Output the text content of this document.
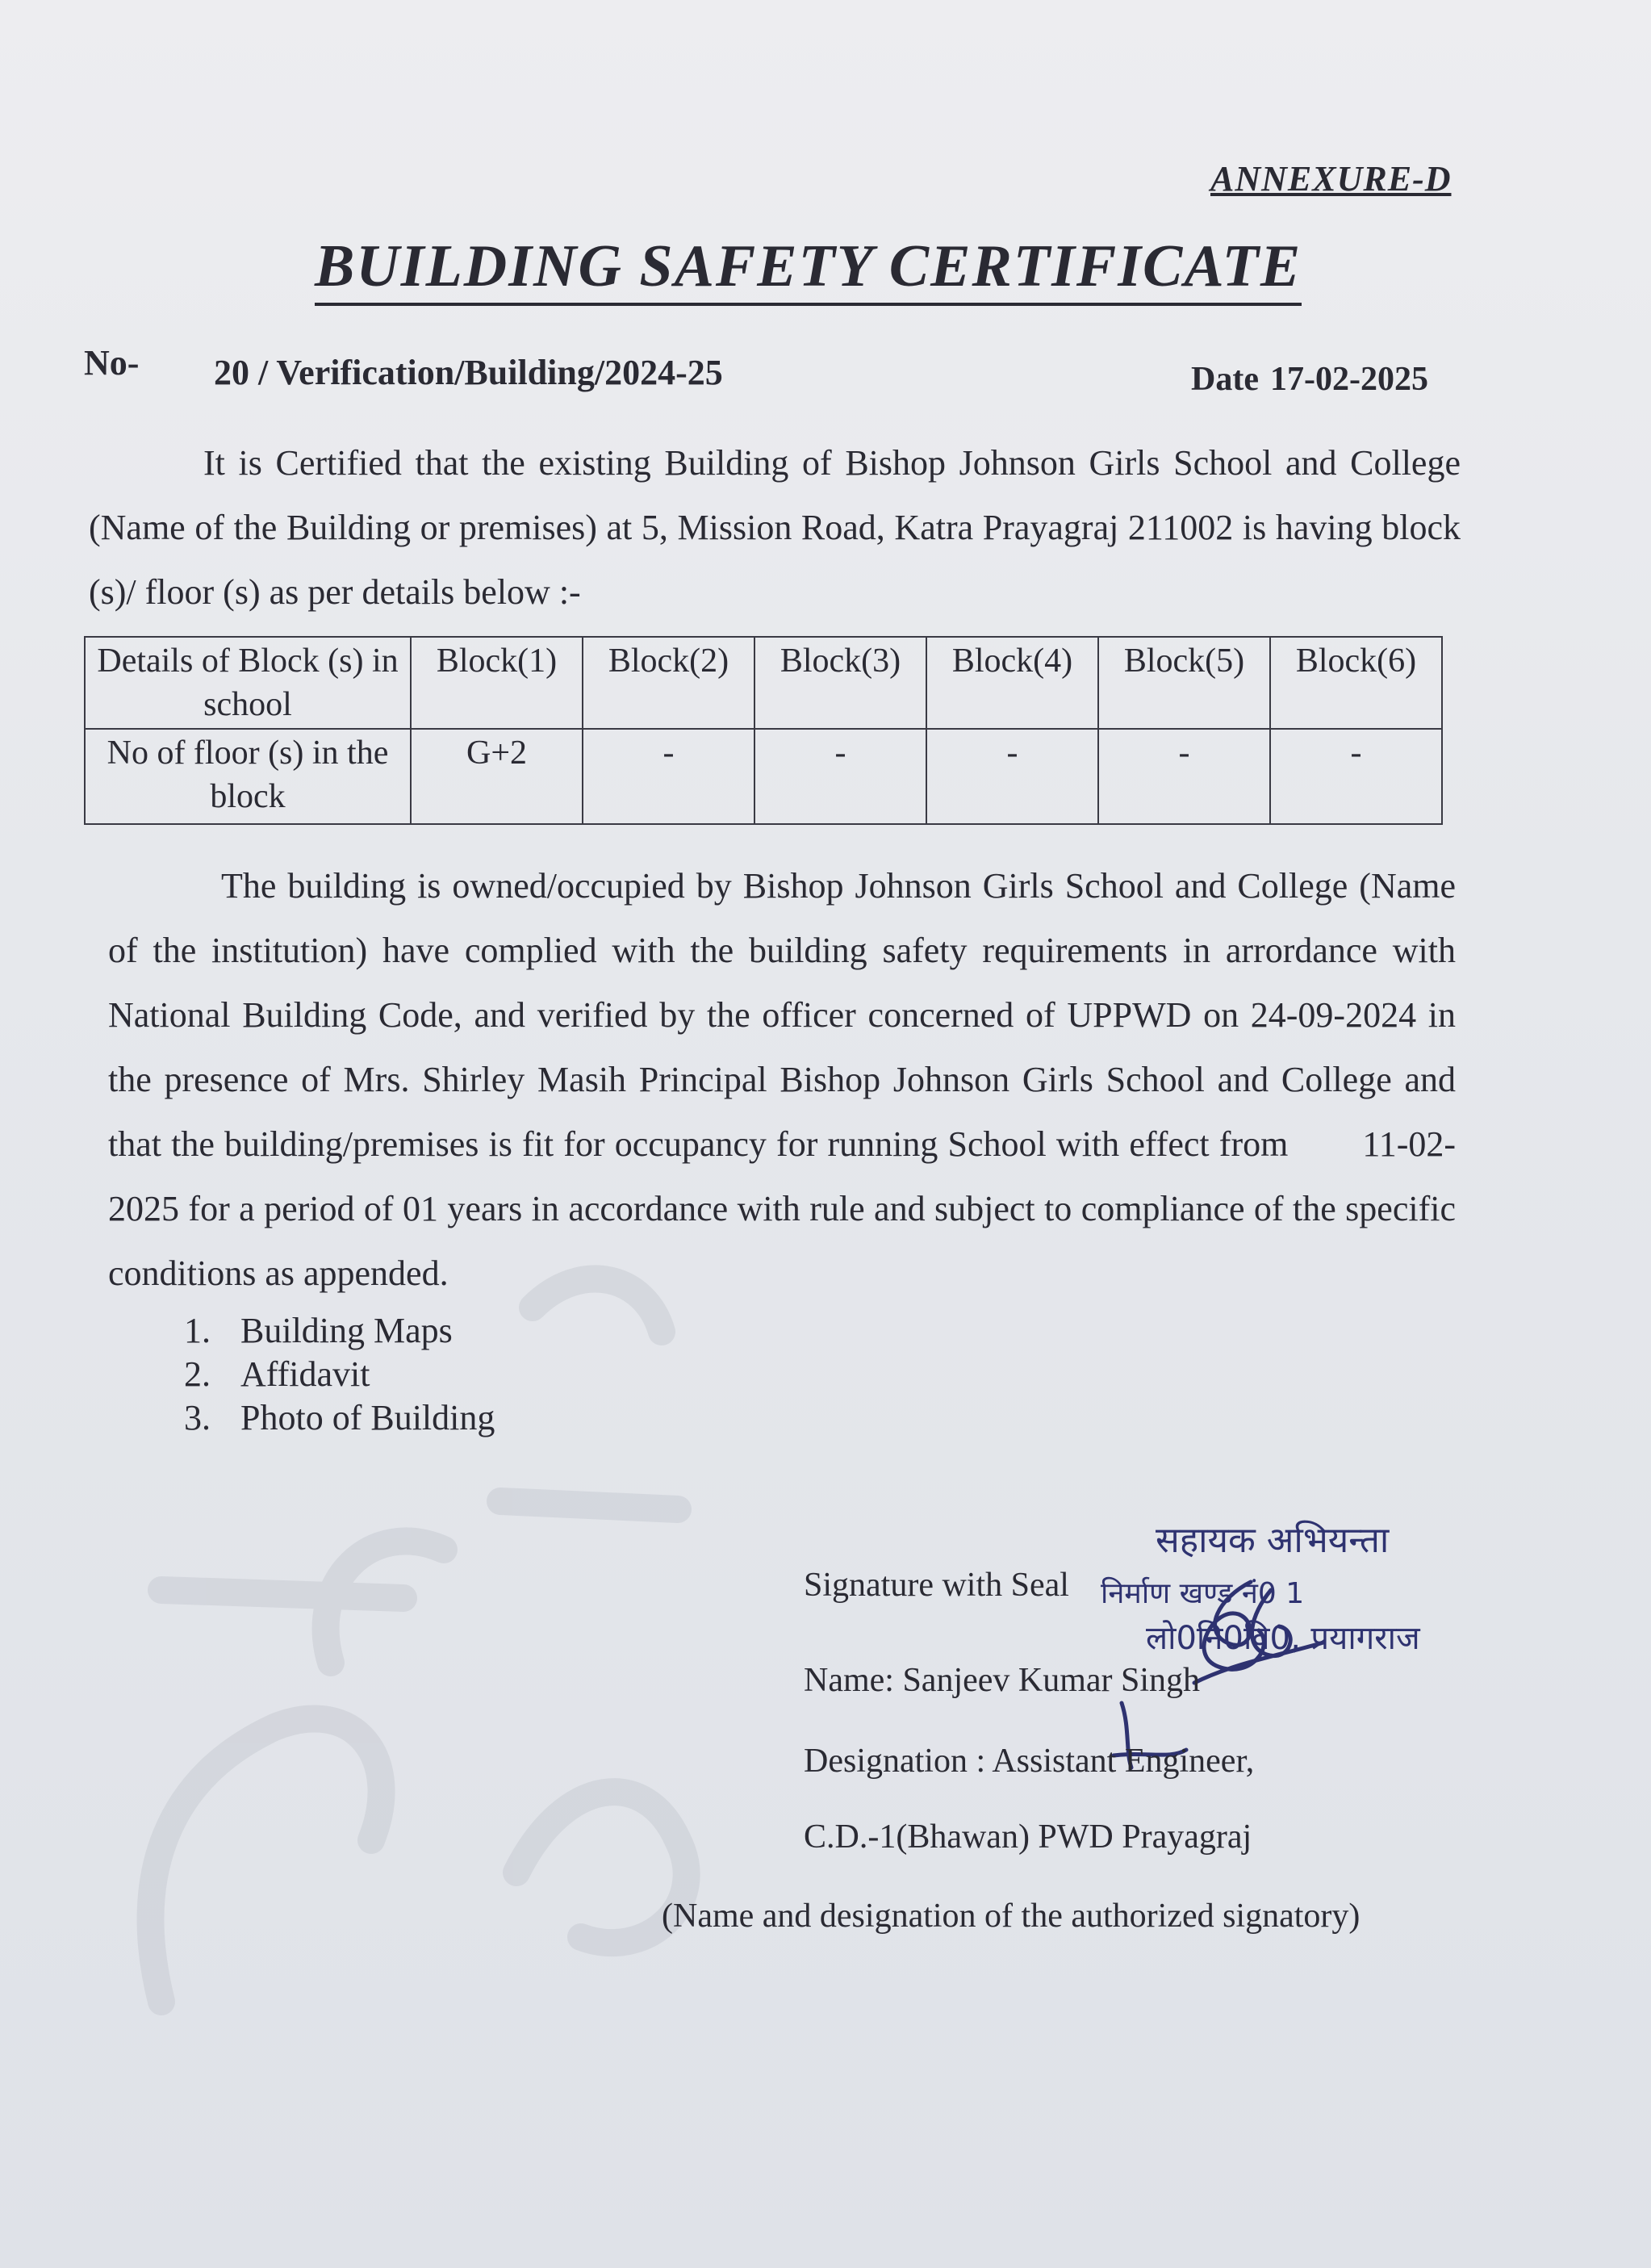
ANNEXURE-D
BUILDING SAFETY CERTIFICATE
No- 20 / Verification/Building/2024-25	Date 17-02-2025
It is Certified that the existing Building of Bishop Johnson Girls School and College (Name of the Building or premises) at 5, Mission Road, Katra Prayagraj 211002 is having block (s)/ floor (s) as per details below :-
Details of Block (s) in school	Block(1)	Block(2)	Block(3)	Block(4)	Block(5)	Block(6)
No of floor (s) in the block	G+2	-	-	-	-	-
The building is owned/occupied by Bishop Johnson Girls School and College (Name of the institution) have complied with the building safety requirements in arrordance with National Building Code, and verified by the officer concerned of UPPWD on 24-09-2024 in the presence of Mrs. Shirley Masih Principal Bishop Johnson Girls School and College and that the building/premises is fit for occupancy for running School with effect from 11-02-2025 for a period of 01 years in accordance with rule and subject to compliance of the specific conditions as appended.
1. Building Maps
2. Affidavit
3. Photo of Building
Signature with Seal
सहायक अभियन्ता
निर्माण खण्ड नं0 1
लो0नि0वि0, प्रयागराज
Name: Sanjeev Kumar Singh
Designation : Assistant Engineer,
C.D.-1(Bhawan) PWD Prayagraj
(Name and designation of the authorized signatory)
